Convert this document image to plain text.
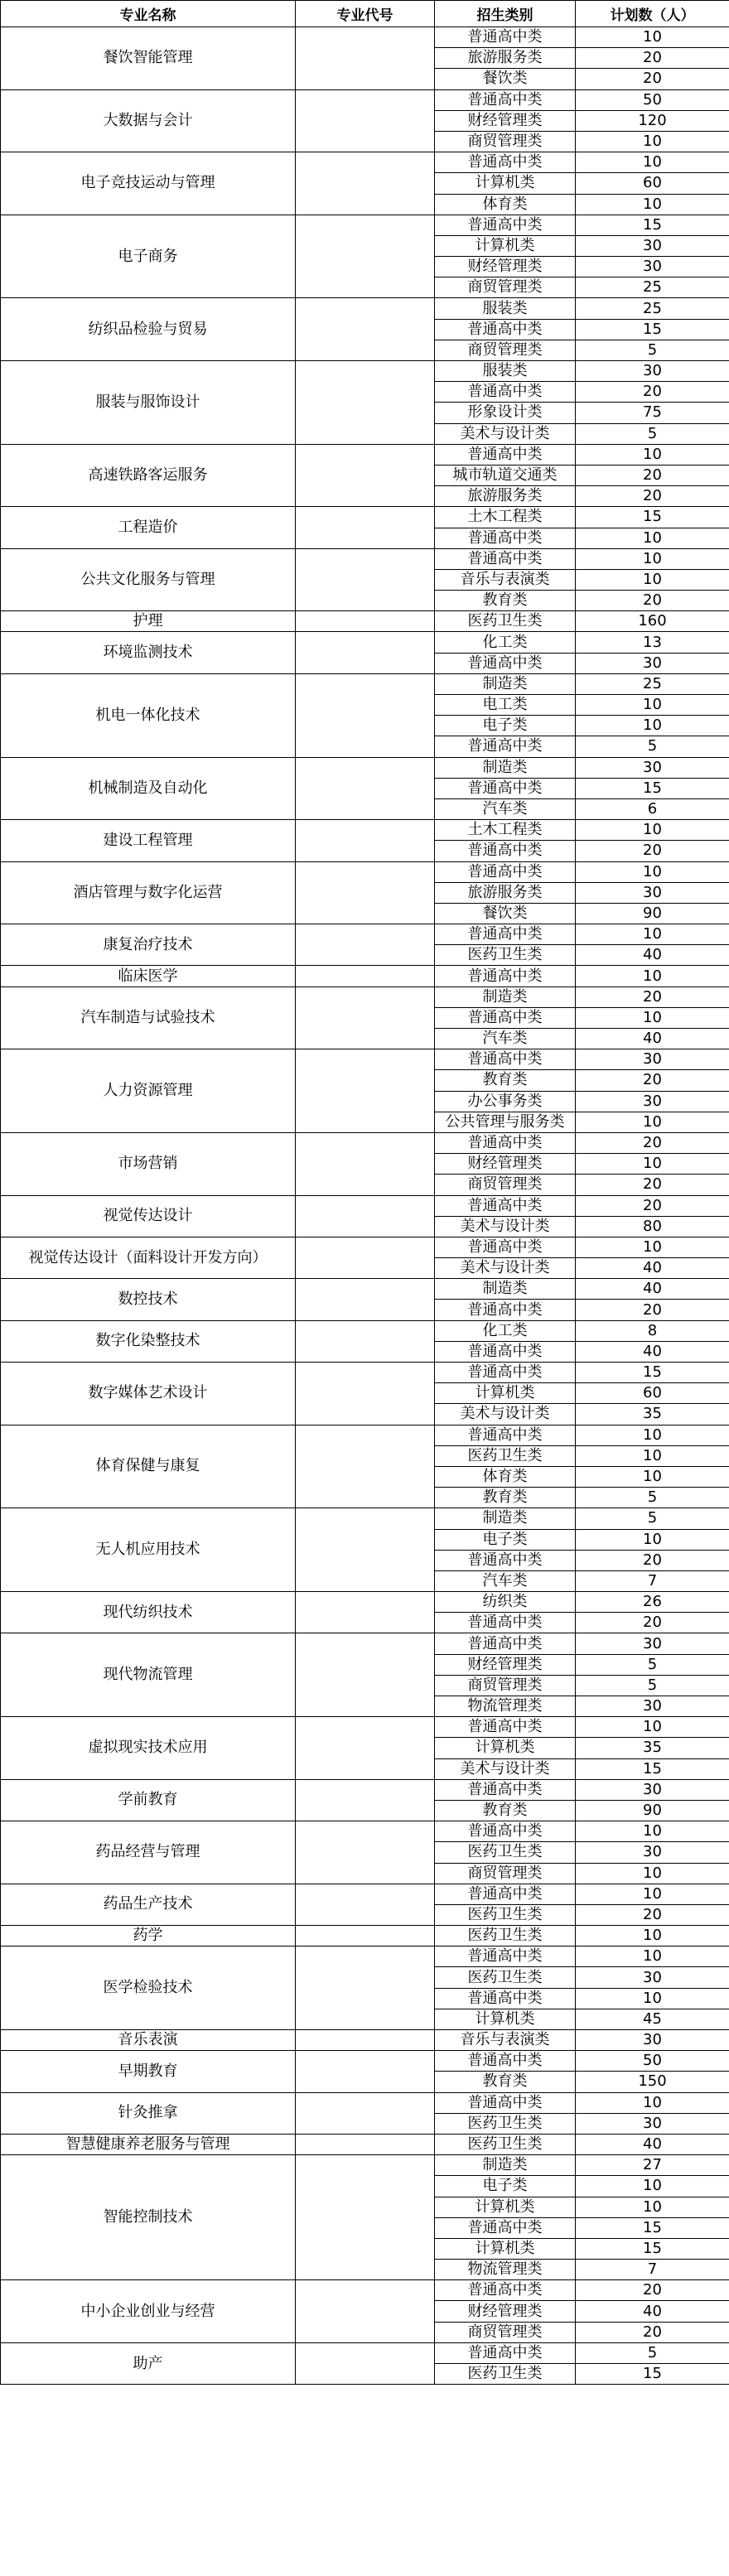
专业名称	专业代号	招生类别	计划数（人）
餐饮智能管理		普通高中类	10
		旅游服务类	20
		餐饮类	20
大数据与会计		普通高中类	50
		财经管理类	120
		商贸管理类	10
电子竞技运动与管理		普通高中类	10
		计算机类	60
		体育类	10
电子商务		普通高中类	15
		计算机类	30
		财经管理类	30
		商贸管理类	25
纺织品检验与贸易		服装类	25
		普通高中类	15
		商贸管理类	5
服装与服饰设计		服装类	30
		普通高中类	20
		形象设计类	75
		美术与设计类	5
高速铁路客运服务		普通高中类	10
		城市轨道交通类	20
		旅游服务类	20
工程造价		土木工程类	15
		普通高中类	10
公共文化服务与管理		普通高中类	10
		音乐与表演类	10
		教育类	20
护理		医药卫生类	160
环境监测技术		化工类	13
		普通高中类	30
机电一体化技术		制造类	25
		电工类	10
		电子类	10
		普通高中类	5
机械制造及自动化		制造类	30
		普通高中类	15
		汽车类	6
建设工程管理		土木工程类	10
		普通高中类	20
酒店管理与数字化运营		普通高中类	10
		旅游服务类	30
		餐饮类	90
康复治疗技术		普通高中类	10
		医药卫生类	40
临床医学		普通高中类	10
汽车制造与试验技术		制造类	20
		普通高中类	10
		汽车类	40
人力资源管理		普通高中类	30
		教育类	20
		办公事务类	30
		公共管理与服务类	10
市场营销		普通高中类	20
		财经管理类	10
		商贸管理类	20
视觉传达设计		普通高中类	20
		美术与设计类	80
视觉传达设计（面料设计开发方向）		普通高中类	10
		美术与设计类	40
数控技术		制造类	40
		普通高中类	20
数字化染整技术		化工类	8
		普通高中类	40
数字媒体艺术设计		普通高中类	15
		计算机类	60
		美术与设计类	35
体育保健与康复		普通高中类	10
		医药卫生类	10
		体育类	10
		教育类	5
无人机应用技术		制造类	5
		电子类	10
		普通高中类	20
		汽车类	7
现代纺织技术		纺织类	26
		普通高中类	20
现代物流管理		普通高中类	30
		财经管理类	5
		商贸管理类	5
		物流管理类	30
虚拟现实技术应用		普通高中类	10
		计算机类	35
		美术与设计类	15
学前教育		普通高中类	30
		教育类	90
药品经营与管理		普通高中类	10
		医药卫生类	30
		商贸管理类	10
药品生产技术		普通高中类	10
		医药卫生类	20
药学		医药卫生类	10
医学检验技术		普通高中类	10
		医药卫生类	30
		普通高中类	10
		计算机类	45
音乐表演		音乐与表演类	30
早期教育		普通高中类	50
		教育类	150
针灸推拿		普通高中类	10
		医药卫生类	30
智慧健康养老服务与管理		医药卫生类	40
智能控制技术		制造类	27
		电子类	10
		计算机类	10
		普通高中类	15
		计算机类	15
		物流管理类	7
中小企业创业与经营		普通高中类	20
		财经管理类	40
		商贸管理类	20
助产		普通高中类	5
		医药卫生类	15
